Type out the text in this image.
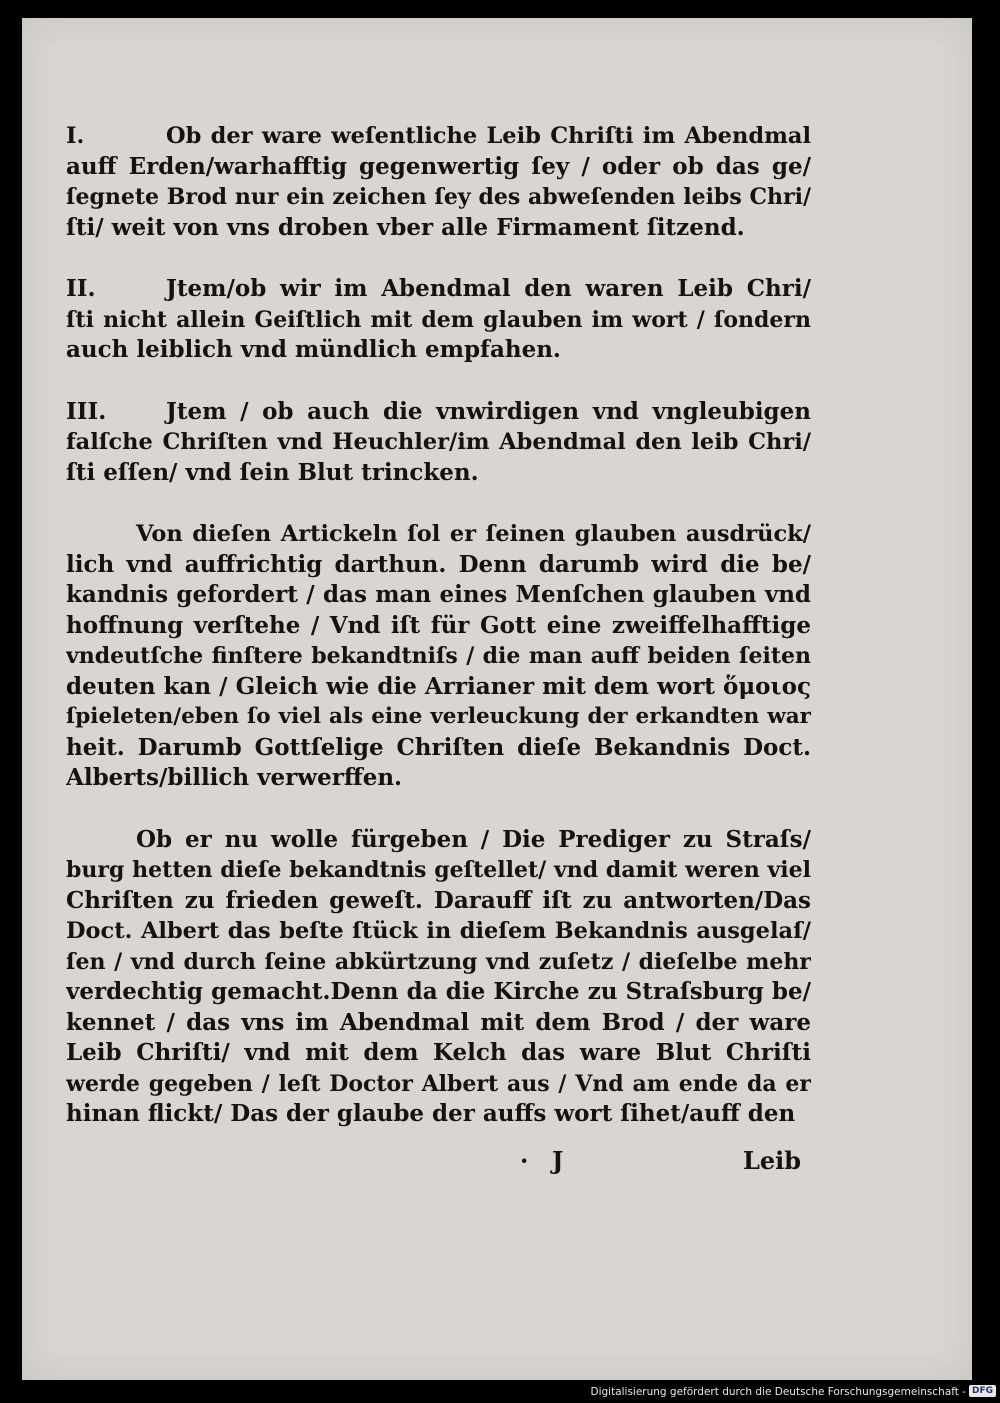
I.	Ob der ware weſentliche Leib Chriſti im Abendmal
auff Erden/warhafftig gegenwertig ſey / oder ob das ge/
ſegnete Brod nur ein zeichen ſey des abweſenden leibs Chri/
ſti/ weit von vns droben vber alle Firmament ſitzend.
II.	Jtem/ob wir im Abendmal den waren Leib Chri/
ſti nicht allein Geiſtlich mit dem glauben im wort / ſondern
auch leiblich vnd mündlich empfahen.
III.	Jtem / ob auch die vnwirdigen vnd vngleubigen
falſche Chriſten vnd Heuchler/im Abendmal den leib Chri/
ſti eſſen/ vnd ſein Blut trincken.
Von dieſen Artickeln ſol er ſeinen glauben ausdrück/
lich vnd auffrichtig darthun. Denn darumb wird die be/
kandnis gefordert / das man eines Menſchen glauben vnd
hoffnung verſtehe / Vnd iſt für Gott eine zweiffelhafftige
vndeutſche finſtere bekandtniſs / die man auff beiden ſeiten
deuten kan / Gleich wie die Arrianer mit dem wort ὅμοιος
ſpieleten/eben ſo viel als eine verleuckung der erkandten war
heit. Darumb Gottſelige Chriſten dieſe Bekandnis Doct.
Alberts/billich verwerffen.
Ob er nu wolle fürgeben / Die Prediger zu Straſs/
burg hetten dieſe bekandtnis geſtellet/ vnd damit weren viel
Chriſten zu frieden geweſt. Darauff iſt zu antworten/Das
Doct. Albert das beſte ſtück in dieſem Bekandnis ausgelaſ/
ſen / vnd durch ſeine abkürtzung vnd zuſetz / dieſelbe mehr
verdechtig gemacht.Denn da die Kirche zu Straſsburg be/
kennet / das vns im Abendmal mit dem Brod / der ware
Leib Chriſti/ vnd mit dem Kelch das ware Blut Chriſti
werde gegeben / leſt Doctor Albert aus / Vnd am ende da er
hinan flickt/ Das der glaube der auffs wort ſihet/auff den
· J	Leib
Digitalisierung gefördert durch die Deutsche Forschungsgemeinschaft - DFG
